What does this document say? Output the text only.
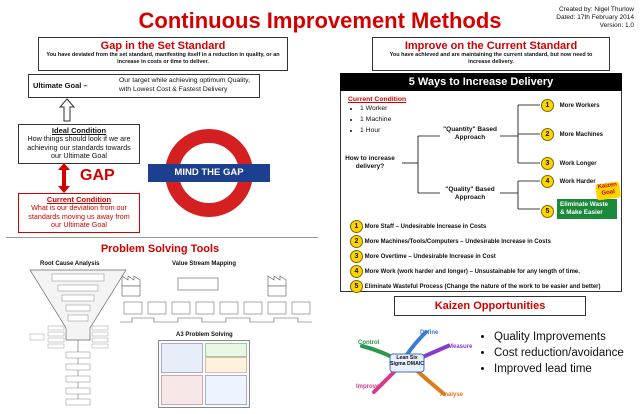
Continuous Improvement Methods	Created by: Nigel Thurlow
Dated: 17th February 2014
Version: 1.0
Gap in the Set Standard
You have deviated from the set standard, manifesting itself in a reduction in quality, or an increase in costs or time to deliver.
Ultimate Goal –
Our target while achieving optimum Quality, with Lowest Cost & Fastest Delivery
Ideal Condition
How things should look if we are achieving our standards towards our Ultimate Goal
GAP
Current Condition
What is our deviation from our standards moving us away from our Ultimate Goal
MIND THE GAP
Problem Solving Tools
Root Cause Analysis	Value Stream Mapping
A3 Problem Solving
Improve on the Current Standard
You have achieved and are maintaining the current standard, but now need to increase delivery.
5 Ways to Increase Delivery
Current Condition
• 1 Worker
• 1 Machine
• 1 Hour
How to increase delivery?
"Quantity" Based Approach
"Quality" Based Approach
1 More Workers
2 More Machines
3 Work Longer
4 Work Harder
5
Eliminate Waste & Make Easier
Kaizen Goal
1 More Staff – Undesirable Increase in Costs
2 More Machines/Tools/Computers – Undesirable Increase in Costs
3 More Overtime – Undesirable Increase in Cost
4 More Work (work harder and longer) – Unsustainable for any length of time.
5 Eliminate Wasteful Process (Change the nature of the work to be easier and better)
Kaizen Opportunities
Lean Six Sigma DMAIC
Define
Measure
Analyse
Improve
Control
•	Quality Improvements
• Cost reduction/avoidance
• Improved lead time
